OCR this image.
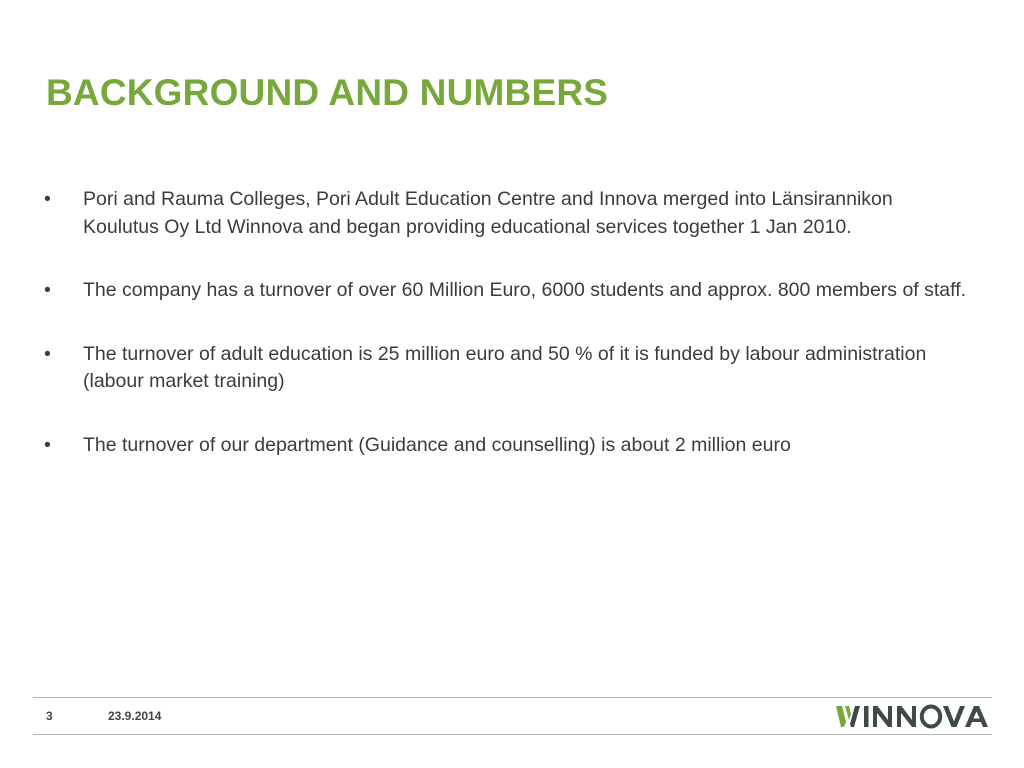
BACKGROUND AND NUMBERS
• Pori and Rauma Colleges, Pori Adult Education Centre and Innova merged into Länsirannikon Koulutus Oy Ltd Winnova and began providing educational services together 1 Jan 2010.
• The company has a turnover of over 60 Million Euro, 6000 students and approx. 800 members of staff.
• The turnover of adult education is 25 million euro and 50 % of it is funded by labour administration (labour market training)
• The turnover of our department (Guidance and counselling) is about 2 million euro
3	23.9.2014
